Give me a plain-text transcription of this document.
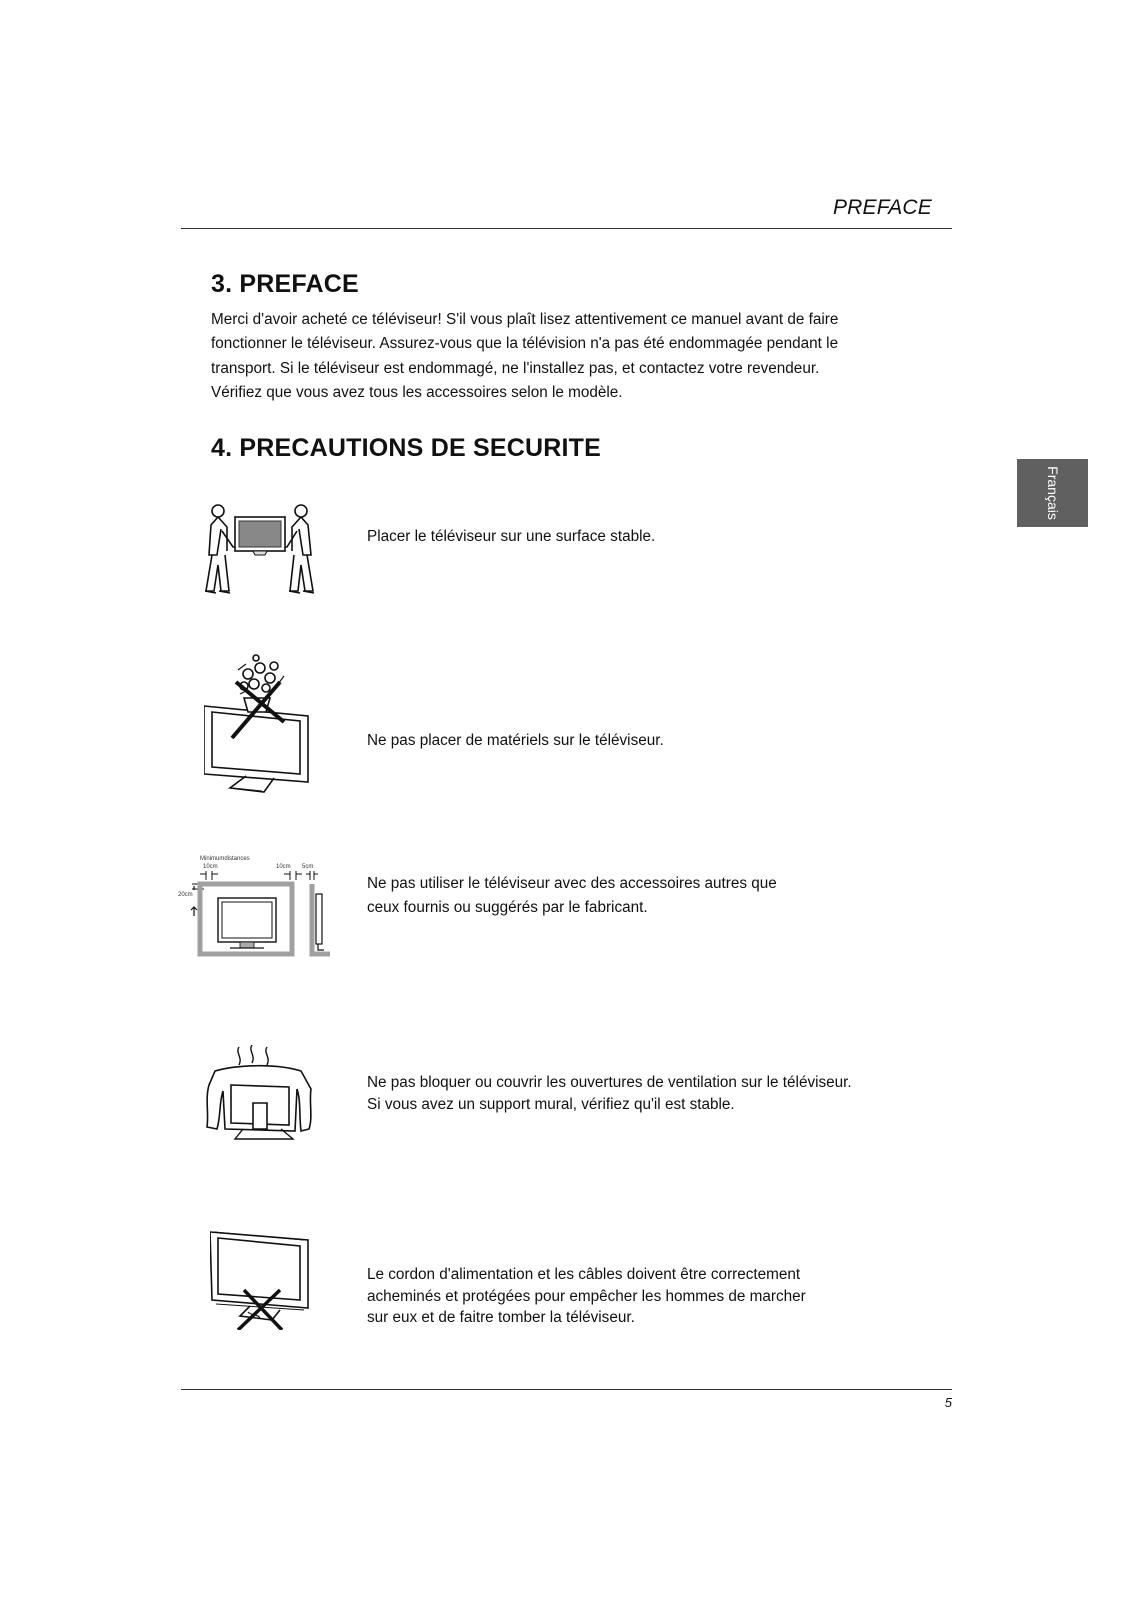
PREFACE
3. PREFACE

Merci d'avoir acheté ce téléviseur! S'il vous plaît lisez attentivement ce manuel avant de faire
fonctionner le téléviseur. Assurez-vous que la télévision n'a pas été endommagée pendant le
transport. Si le téléviseur est endommagé, ne l'installez pas, et contactez votre revendeur.
Vérifiez que vous avez tous les accessoires selon le modèle.

4. PRECAUTIONS DE SECURITE
Français

Placer le téléviseur sur une surface stable.

Ne pas placer de matériels sur le téléviseur.

Minimumdistances
10cm	10cm 5cm
20cm

Ne pas utiliser le téléviseur avec des accessoires autres que
ceux fournis ou suggérés par le fabricant.

Ne pas bloquer ou couvrir les ouvertures de ventilation sur le téléviseur.
Si vous avez un support mural, vérifiez qu'il est stable.

Le cordon d'alimentation et les câbles doivent être correctement
acheminés et protégées pour empêcher les hommes de marcher
sur eux et de faitre tomber la téléviseur.

5
